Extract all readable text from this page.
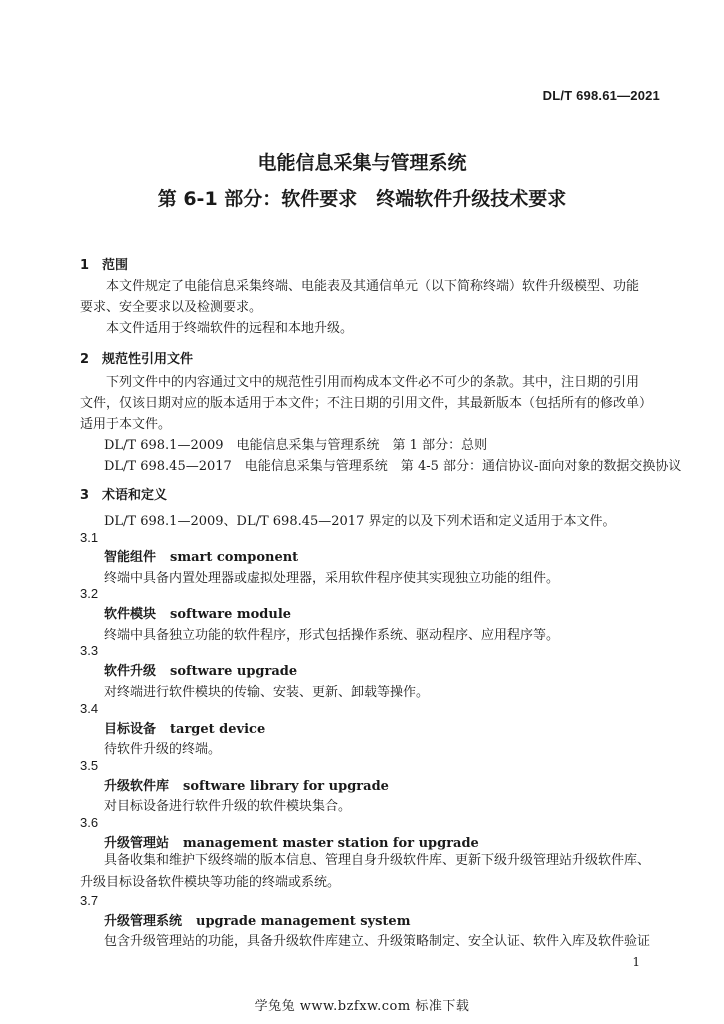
DL/T 698.61—2021
电能信息采集与管理系统
第 6-1 部分：软件要求　终端软件升级技术要求
1 范围
本文件规定了电能信息采集终端、电能表及其通信单元（以下简称终端）软件升级模型、功能要求、安全要求以及检测要求。
本文件适用于终端软件的远程和本地升级。
2 规范性引用文件
下列文件中的内容通过文中的规范性引用而构成本文件必不可少的条款。其中，注日期的引用文件，仅该日期对应的版本适用于本文件；不注日期的引用文件，其最新版本（包括所有的修改单）适用于本文件。
DL/T 698.1—2009　电能信息采集与管理系统　第 1 部分：总则
DL/T 698.45—2017　电能信息采集与管理系统　第 4-5 部分：通信协议-面向对象的数据交换协议
3 术语和定义
DL/T 698.1—2009、DL/T 698.45—2017 界定的以及下列术语和定义适用于本文件。
3.1
智能组件 smart component
终端中具备内置处理器或虚拟处理器，采用软件程序使其实现独立功能的组件。
3.2
软件模块 software module
终端中具备独立功能的软件程序，形式包括操作系统、驱动程序、应用程序等。
3.3
软件升级 software upgrade
对终端进行软件模块的传输、安装、更新、卸载等操作。
3.4
目标设备 target device
待软件升级的终端。
3.5
升级软件库 software library for upgrade
对目标设备进行软件升级的软件模块集合。
3.6
升级管理站 management master station for upgrade
具备收集和维护下级终端的版本信息、管理自身升级软件库、更新下级升级管理站升级软件库、升级目标设备软件模块等功能的终端或系统。
3.7
升级管理系统 upgrade management system
包含升级管理站的功能，具备升级软件库建立、升级策略制定、安全认证、软件入库及软件验证
1
学兔兔 www.bzfxw.com 标准下载
